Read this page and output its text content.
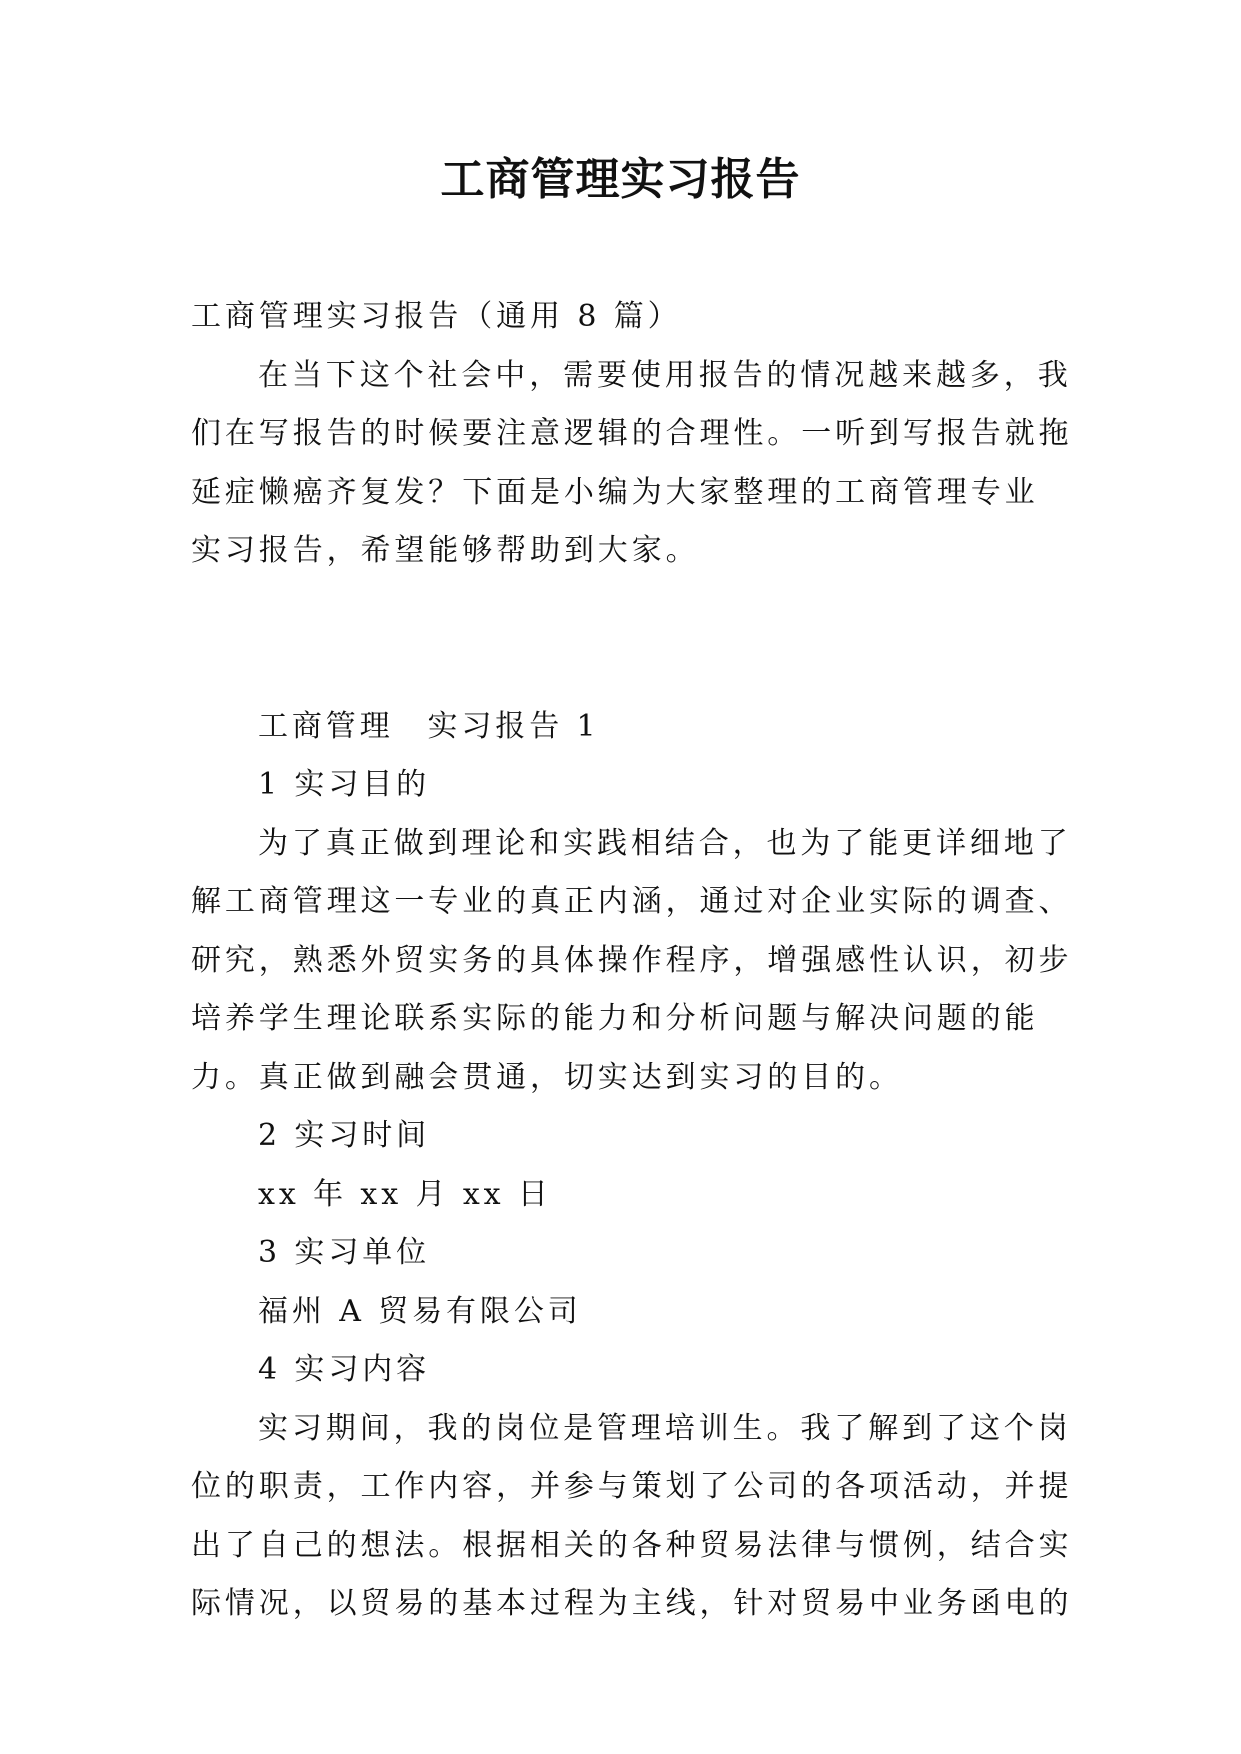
工商管理实习报告
工商管理实习报告（通用 8 篇）
在当下这个社会中，需要使用报告的情况越来越多，我
们在写报告的时候要注意逻辑的合理性。一听到写报告就拖
延症懒癌齐复发？下面是小编为大家整理的工商管理专业
实习报告，希望能够帮助到大家。
工商管理　实习报告 1
1 实习目的
为了真正做到理论和实践相结合，也为了能更详细地了
解工商管理这一专业的真正内涵，通过对企业实际的调查、
研究，熟悉外贸实务的具体操作程序，增强感性认识，初步
培养学生理论联系实际的能力和分析问题与解决问题的能
力。真正做到融会贯通，切实达到实习的目的。
2 实习时间
xx 年 xx 月 xx 日
3 实习单位
福州 A 贸易有限公司
4 实习内容
实习期间，我的岗位是管理培训生。我了解到了这个岗
位的职责，工作内容，并参与策划了公司的各项活动，并提
出了自己的想法。根据相关的各种贸易法律与惯例，结合实
际情况，以贸易的基本过程为主线，针对贸易中业务函电的
